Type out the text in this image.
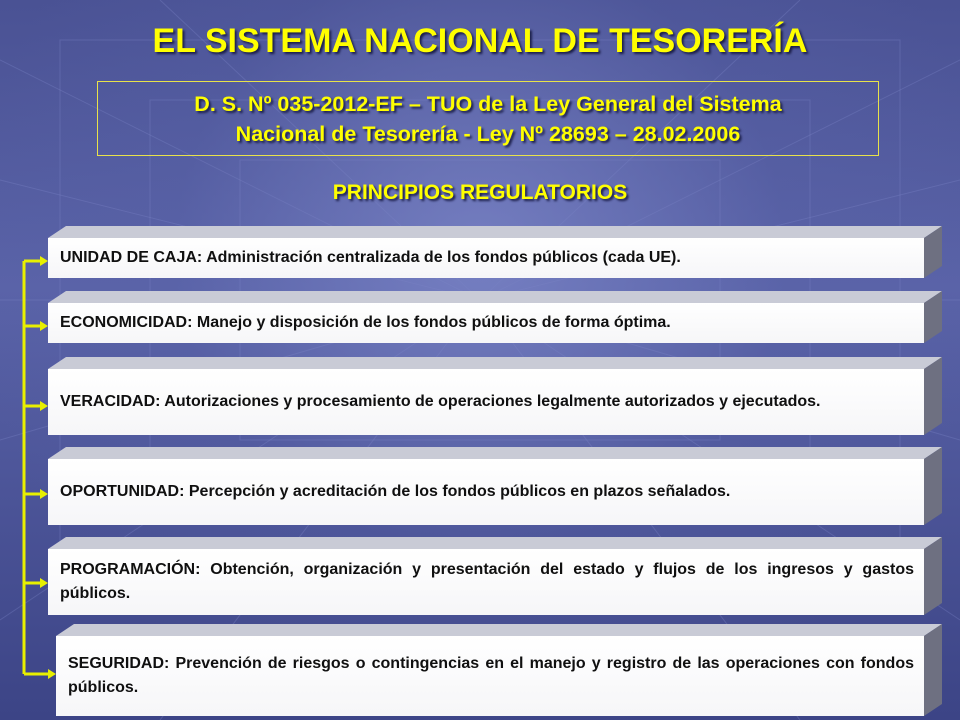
EL SISTEMA NACIONAL DE TESORERÍA
D. S. Nº 035-2012-EF – TUO de la Ley General del Sistema
Nacional de Tesorería - Ley Nº 28693 – 28.02.2006
PRINCIPIOS REGULATORIOS
UNIDAD DE CAJA: Administración centralizada de los fondos públicos (cada UE).
ECONOMICIDAD: Manejo y disposición de los fondos públicos de forma óptima.
VERACIDAD: Autorizaciones y procesamiento de operaciones legalmente autorizados y ejecutados.
OPORTUNIDAD: Percepción y acreditación de los fondos públicos en plazos señalados.
PROGRAMACIÓN: Obtención, organización y presentación del estado y flujos de los ingresos y gastos públicos.
SEGURIDAD: Prevención de riesgos o contingencias en el manejo y registro de las operaciones con fondos públicos.
